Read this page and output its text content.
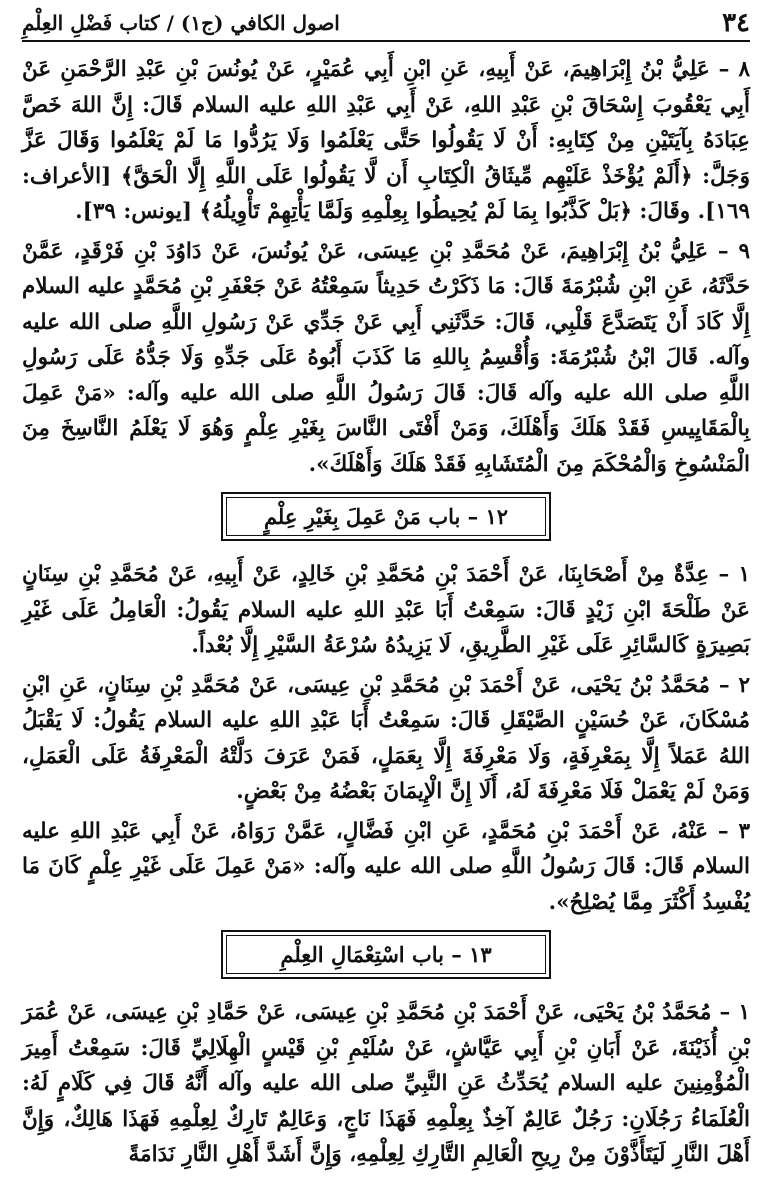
٣٤
اصول الكافي (ج١) / كتاب فَضْلِ العِلْمِ

٨ – عَلِيُّ بْنُ إِبْرَاهِيمَ، عَنْ أَبِيهِ، عَنِ ابْنِ أَبِي عُمَيْرٍ، عَنْ يُونُسَ بْنِ عَبْدِ الرَّحْمَنِ عَنْ أَبِي يَعْقُوبَ إِسْحَاقَ بْنِ عَبْدِ اللهِ، عَنْ أَبِي عَبْدِ اللهِ عليه السلام قَالَ: إِنَّ اللهَ خَصَّ عِبَادَهُ بِآيَتَيْنِ مِنْ كِتَابِهِ: أَنْ لَا يَقُولُوا حَتَّى يَعْلَمُوا وَلَا يَرُدُّوا مَا لَمْ يَعْلَمُوا وَقَالَ عَزَّ وَجَلَّ: ﴿أَلَمْ يُؤْخَذْ عَلَيْهِم مِّيثَاقُ الْكِتَابِ أَن لَّا يَقُولُوا عَلَى اللَّهِ إِلَّا الْحَقَّ﴾ [الأعراف: ١٦٩]. وقَالَ: ﴿بَلْ كَذَّبُوا بِمَا لَمْ يُحِيطُوا بِعِلْمِهِ وَلَمَّا يَأْتِهِمْ تَأْوِيلُهُ﴾ [يونس: ٣٩].

٩ – عَلِيُّ بْنُ إِبْرَاهِيمَ، عَنْ مُحَمَّدِ بْنِ عِيسَى، عَنْ يُونُسَ، عَنْ دَاوُدَ بْنِ فَرْقَدٍ، عَمَّنْ حَدَّثَهُ، عَنِ ابْنِ شُبْرُمَةَ قَالَ: مَا ذَكَرْتُ حَدِيثاً سَمِعْتُهُ عَنْ جَعْفَرِ بْنِ مُحَمَّدٍ عليه السلام إِلَّا كَادَ أَنْ يَتَصَدَّعَ قَلْبِي، قَالَ: حَدَّثَنِي أَبِي عَنْ جَدِّي عَنْ رَسُولِ اللَّهِ صلى الله عليه وآله. قَالَ ابْنُ شُبْرُمَةَ: وَأُقْسِمُ بِاللهِ مَا كَذَبَ أَبُوهُ عَلَى جَدِّهِ وَلَا جَدُّهُ عَلَى رَسُولِ اللَّهِ صلى الله عليه وآله قَالَ: قَالَ رَسُولُ اللَّهِ صلى الله عليه وآله: «مَنْ عَمِلَ بِالْمَقَايِيسِ فَقَدْ هَلَكَ وَأَهْلَكَ، وَمَنْ أَفْتَى النَّاسَ بِغَيْرِ عِلْمٍ وَهُوَ لَا يَعْلَمُ النَّاسِخَ مِنَ الْمَنْسُوخِ وَالْمُحْكَمَ مِنَ الْمُتَشَابِهِ فَقَدْ هَلَكَ وَأَهْلَكَ».

١٢ – باب مَنْ عَمِلَ بِغَيْرِ عِلْمٍ

١ – عِدَّةٌ مِنْ أَصْحَابِنَا، عَنْ أَحْمَدَ بْنِ مُحَمَّدِ بْنِ خَالِدٍ، عَنْ أَبِيهِ، عَنْ مُحَمَّدِ بْنِ سِنَانٍ عَنْ طَلْحَةَ ابْنِ زَيْدٍ قَالَ: سَمِعْتُ أَبَا عَبْدِ اللهِ عليه السلام يَقُولُ: الْعَامِلُ عَلَى غَيْرِ بَصِيرَةٍ كَالسَّائِرِ عَلَى غَيْرِ الطَّرِيقِ، لَا يَزِيدُهُ سُرْعَةُ السَّيْرِ إِلَّا بُعْداً.

٢ – مُحَمَّدُ بْنُ يَحْيَى، عَنْ أَحْمَدَ بْنِ مُحَمَّدِ بْنِ عِيسَى، عَنْ مُحَمَّدِ بْنِ سِنَانٍ، عَنِ ابْنِ مُسْكَانَ، عَنْ حُسَيْنٍ الصَّيْقَلِ قَالَ: سَمِعْتُ أَبَا عَبْدِ اللهِ عليه السلام يَقُولُ: لَا يَقْبَلُ اللهُ عَمَلاً إِلَّا بِمَعْرِفَةٍ، وَلَا مَعْرِفَةَ إِلَّا بِعَمَلٍ، فَمَنْ عَرَفَ دَلَّتْهُ الْمَعْرِفَةُ عَلَى الْعَمَلِ، وَمَنْ لَمْ يَعْمَلْ فَلَا مَعْرِفَةَ لَهُ، أَلَا إِنَّ الْإِيمَانَ بَعْضُهُ مِنْ بَعْضٍ.

٣ – عَنْهُ، عَنْ أَحْمَدَ بْنِ مُحَمَّدٍ، عَنِ ابْنِ فَضَّالٍ، عَمَّنْ رَوَاهُ، عَنْ أَبِي عَبْدِ اللهِ عليه السلام قَالَ: قَالَ رَسُولُ اللَّهِ صلى الله عليه وآله: «مَنْ عَمِلَ عَلَى غَيْرِ عِلْمٍ كَانَ مَا يُفْسِدُ أَكْثَرَ مِمَّا يُصْلِحُ».

١٣ – باب اسْتِعْمَالِ العِلْمِ

١ – مُحَمَّدُ بْنُ يَحْيَى، عَنْ أَحْمَدَ بْنِ مُحَمَّدِ بْنِ عِيسَى، عَنْ حَمَّادِ بْنِ عِيسَى، عَنْ عُمَرَ بْنِ أُذَيْنَةَ، عَنْ أَبَانِ بْنِ أَبِي عَيَّاشٍ، عَنْ سُلَيْمِ بْنِ قَيْسٍ الْهِلَالِيِّ قَالَ: سَمِعْتُ أَمِيرَ الْمُؤْمِنِينَ عليه السلام يُحَدِّثُ عَنِ النَّبِيِّ صلى الله عليه وآله أَنَّهُ قَالَ فِي كَلَامٍ لَهُ: الْعُلَمَاءُ رَجُلَانِ: رَجُلٌ عَالِمٌ آخِذٌ بِعِلْمِهِ فَهَذَا نَاجٍ، وَعَالِمٌ تَارِكٌ لِعِلْمِهِ فَهَذَا هَالِكٌ، وَإِنَّ أَهْلَ النَّارِ لَيَتَأَذَّوْنَ مِنْ رِيحِ الْعَالِمِ التَّارِكِ لِعِلْمِهِ، وَإِنَّ أَشَدَّ أَهْلِ النَّارِ نَدَامَةً
